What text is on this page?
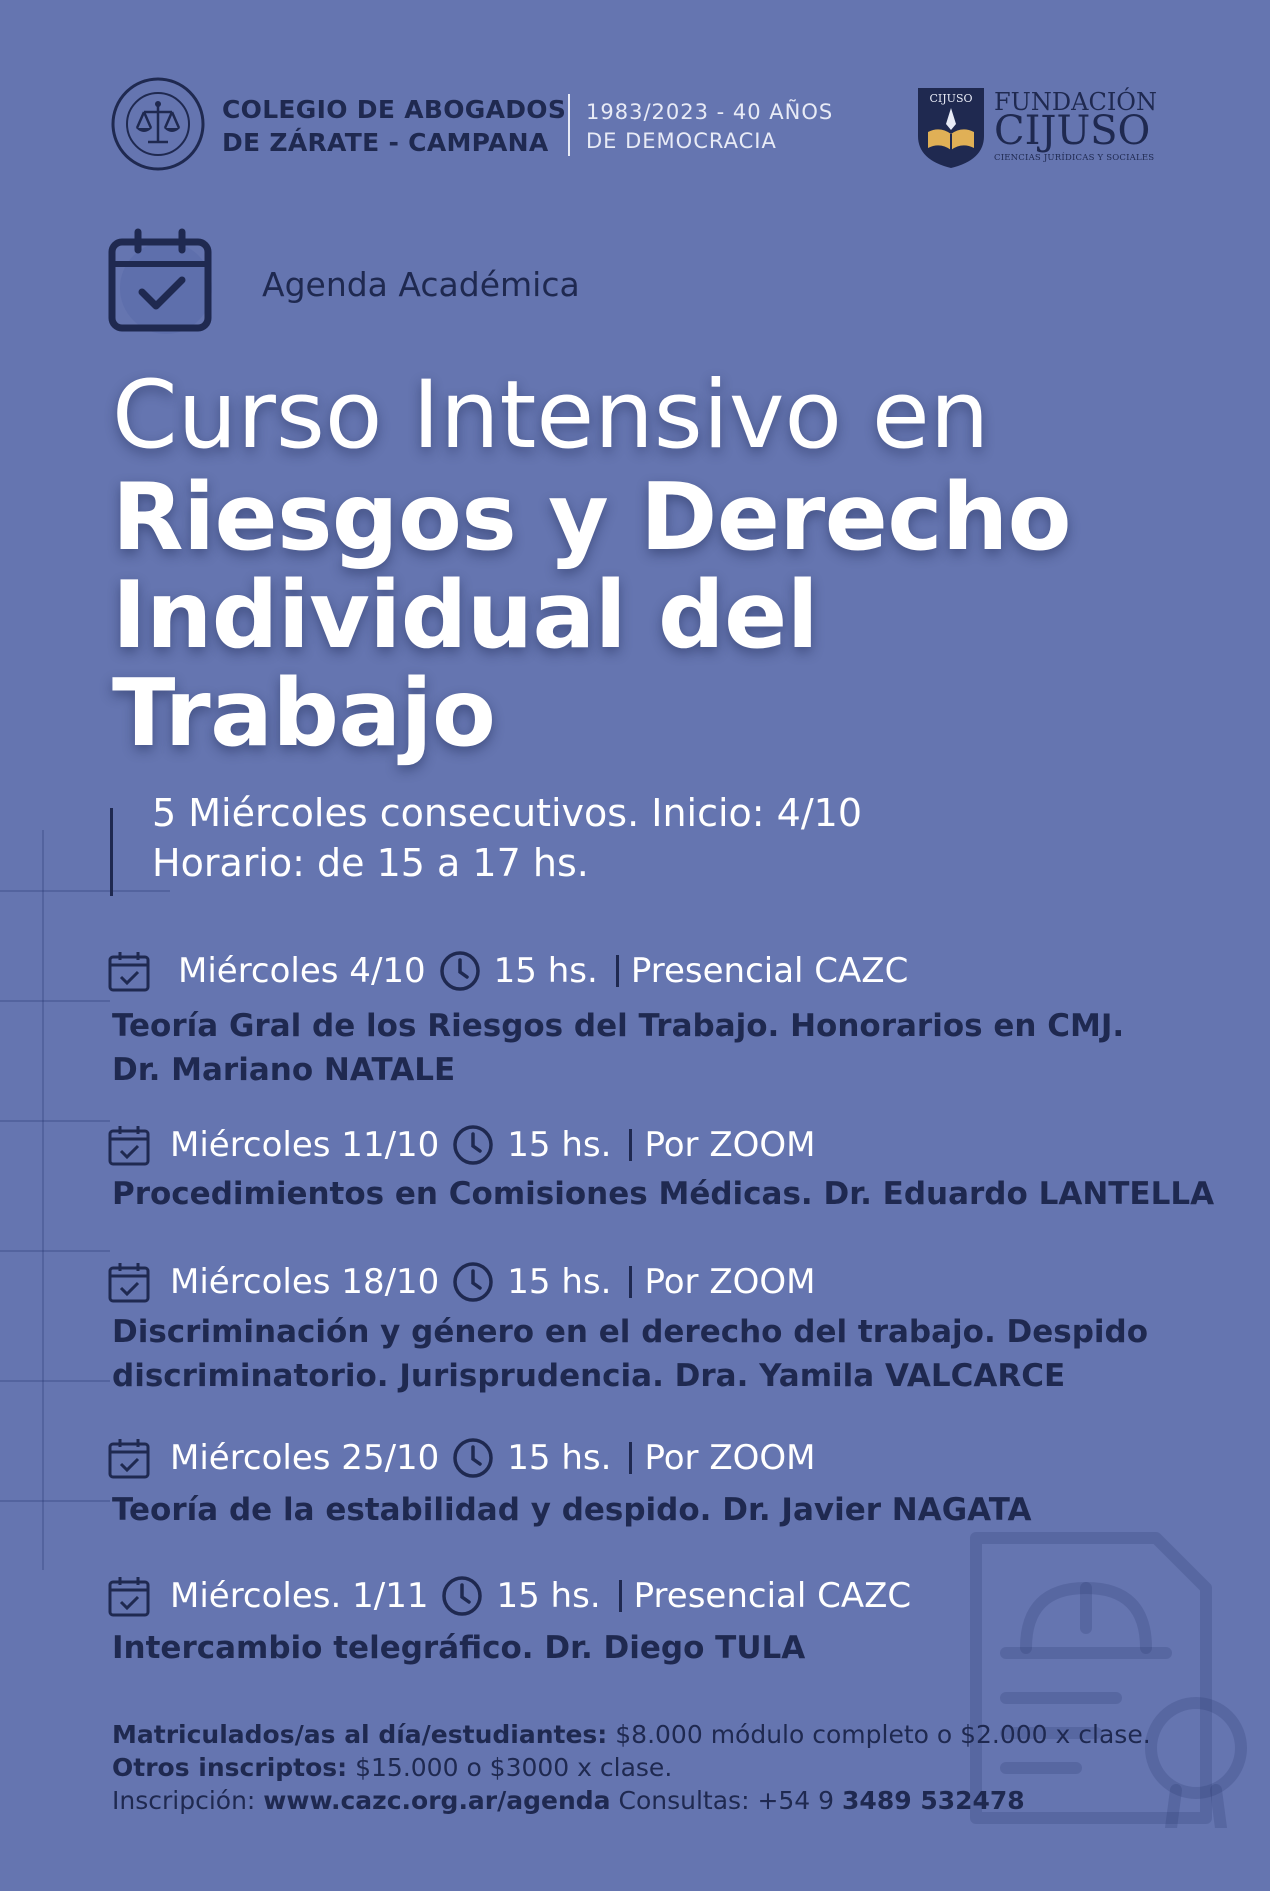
COLEGIO DE ABOGADOS
DE ZÁRATE - CAMPANA
1983/2023 - 40 AÑOS
DE DEMOCRACIA
CIJUSO FUNDACIÓN
CIJUSO
CIENCIAS JURÍDICAS Y SOCIALES
Agenda Académica
Curso Intensivo en
Riesgos y Derecho
Individual del
Trabajo
5 Miércoles consecutivos. Inicio: 4/10
Horario: de 15 a 17 hs.
Miércoles 4/10 15 hs. Presencial CAZC
Teoría Gral de los Riesgos del Trabajo. Honorarios en CMJ.
Dr. Mariano NATALE
Miércoles 11/10 15 hs. Por ZOOM
Procedimientos en Comisiones Médicas. Dr. Eduardo LANTELLA
Miércoles 18/10 15 hs. Por ZOOM
Discriminación y género en el derecho del trabajo. Despido
discriminatorio. Jurisprudencia. Dra. Yamila VALCARCE
Miércoles 25/10 15 hs. Por ZOOM
Teoría de la estabilidad y despido. Dr. Javier NAGATA
Miércoles. 1/11 15 hs. Presencial CAZC
Intercambio telegráfico. Dr. Diego TULA
Matriculados/as al día/estudiantes: $8.000 módulo completo o $2.000 x clase.
Otros inscriptos: $15.000 o $3000 x clase.
Inscripción: www.cazc.org.ar/agenda Consultas: +54 9 3489 532478
